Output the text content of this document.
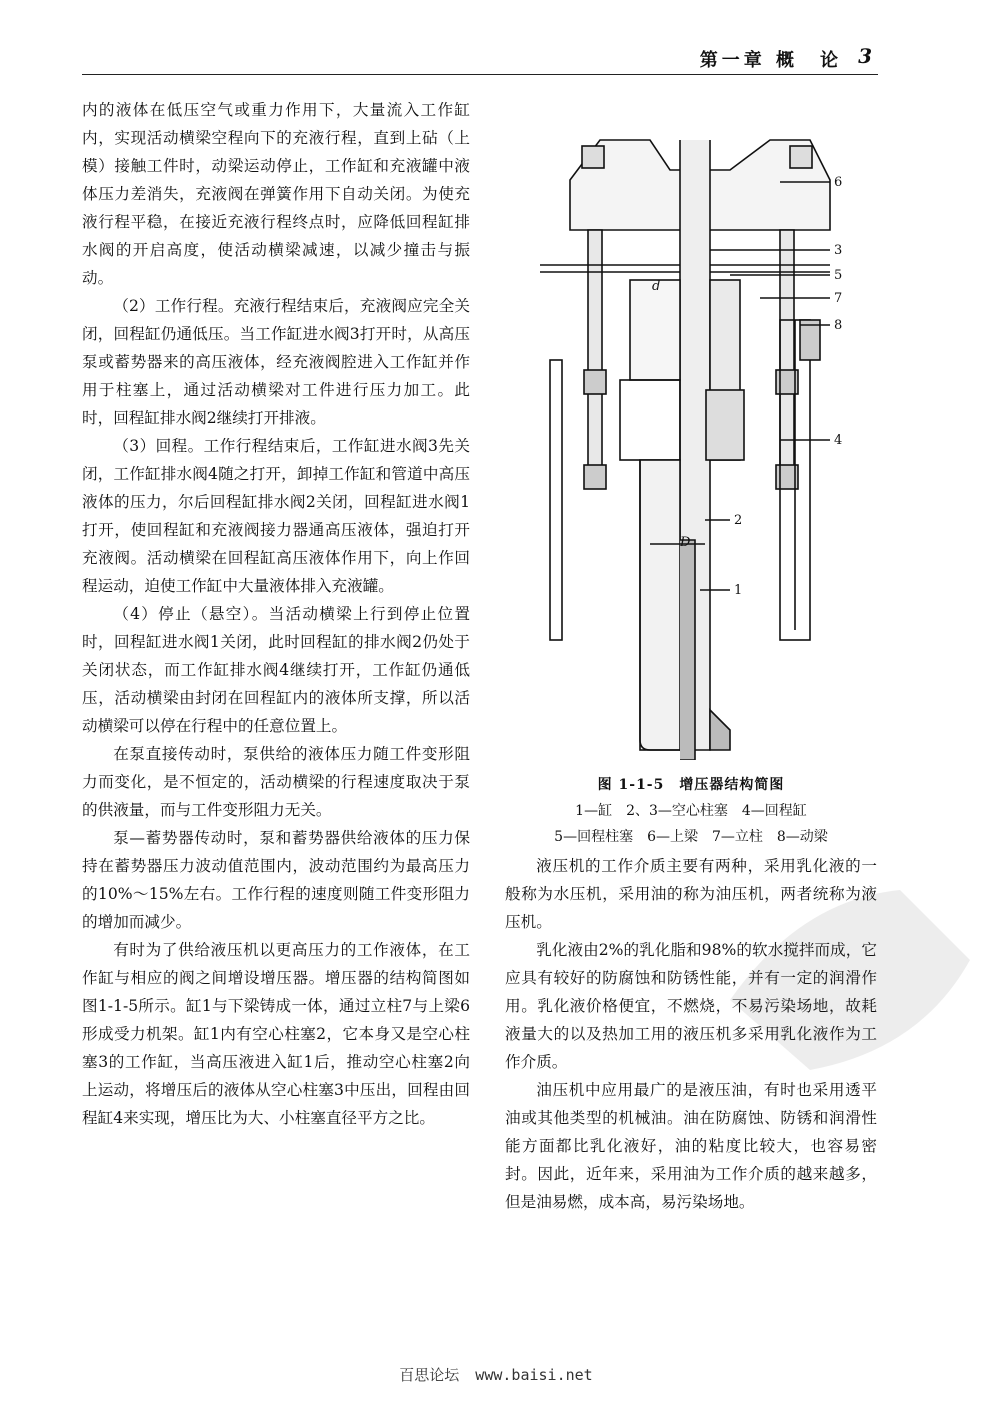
第一章 概　论 3

内的液体在低压空气或重力作用下，大量流入工作缸内，实现活动横梁空程向下的充液行程，直到上砧（上模）接触工件时，动梁运动停止，工作缸和充液罐中液体压力差消失，充液阀在弹簧作用下自动关闭。为使充液行程平稳，在接近充液行程终点时，应降低回程缸排水阀的开启高度，使活动横梁减速，以减少撞击与振动。

（2）工作行程。充液行程结束后，充液阀应完全关闭，回程缸仍通低压。当工作缸进水阀3打开时，从高压泵或蓄势器来的高压液体，经充液阀腔进入工作缸并作用于柱塞上，通过活动横梁对工件进行压力加工。此时，回程缸排水阀2继续打开排液。

（3）回程。工作行程结束后，工作缸进水阀3先关闭，工作缸排水阀4随之打开，卸掉工作缸和管道中高压液体的压力，尔后回程缸排水阀2关闭，回程缸进水阀1打开，使回程缸和充液阀接力器通高压液体，强迫打开充液阀。活动横梁在回程缸高压液体作用下，向上作回程运动，迫使工作缸中大量液体排入充液罐。

（4）停止（悬空）。当活动横梁上行到停止位置时，回程缸进水阀1关闭，此时回程缸的排水阀2仍处于关闭状态，而工作缸排水阀4继续打开，工作缸仍通低压，活动横梁由封闭在回程缸内的液体所支撑，所以活动横梁可以停在行程中的任意位置上。

在泵直接传动时，泵供给的液体压力随工件变形阻力而变化，是不恒定的，活动横梁的行程速度取决于泵的供液量，而与工件变形阻力无关。

泵—蓄势器传动时，泵和蓄势器供给液体的压力保持在蓄势器压力波动值范围内，波动范围约为最高压力的10%～15%左右。工作行程的速度则随工件变形阻力的增加而减少。

有时为了供给液压机以更高压力的工作液体，在工作缸与相应的阀之间增设增压器。增压器的结构简图如图1-1-5所示。缸1与下梁铸成一体，通过立柱7与上梁6形成受力机架。缸1内有空心柱塞2，它本身又是空心柱塞3的工作缸，当高压液进入缸1后，推动空心柱塞2向上运动，将增压后的液体从空心柱塞3中压出，回程由回程缸4来实现，增压比为大、小柱塞直径平方之比。

6
3
5
7
8
4
2
1
d
D
图 1-1-5　增压器结构简图
1—缸　2、3—空心柱塞　4—回程缸
5—回程柱塞　6—上梁　7—立柱　8—动梁

液压机的工作介质主要有两种，采用乳化液的一般称为水压机，采用油的称为油压机，两者统称为液压机。

乳化液由2%的乳化脂和98%的软水搅拌而成，它应具有较好的防腐蚀和防锈性能，并有一定的润滑作用。乳化液价格便宜，不燃烧，不易污染场地，故耗液量大的以及热加工用的液压机多采用乳化液作为工作介质。

油压机中应用最广的是液压油，有时也采用透平油或其他类型的机械油。油在防腐蚀、防锈和润滑性能方面都比乳化液好，油的粘度比较大，也容易密封。因此，近年来，采用油为工作介质的越来越多，但是油易燃，成本高，易污染场地。

百思论坛 www.baisi.net
